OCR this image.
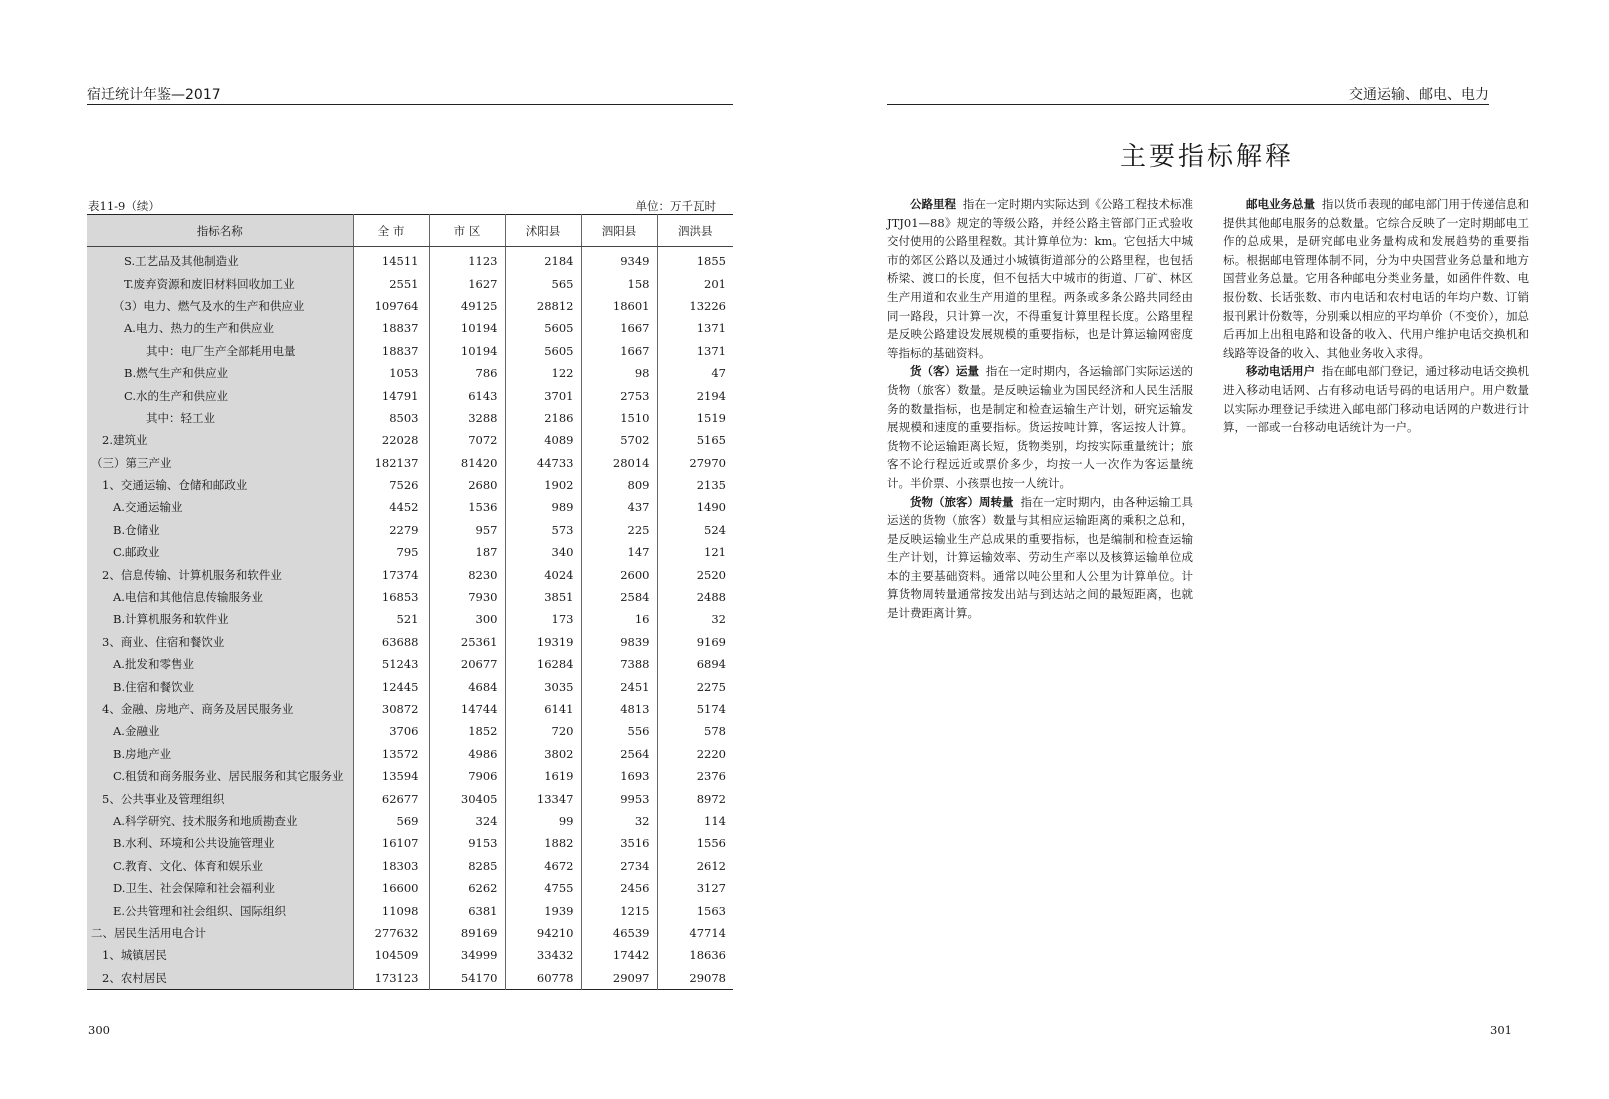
宿迁统计年鉴—2017
表11-9（续）	单位：万千瓦时
指标名称	全 市	市 区	沭阳县	泗阳县	泗洪县
S.工艺品及其他制造业	14511	1123	2184	9349	1855
T.废弃资源和废旧材料回收加工业	2551	1627	565	158	201
（3）电力、燃气及水的生产和供应业	109764	49125	28812	18601	13226
A.电力、热力的生产和供应业	18837	10194	5605	1667	1371
其中：电厂生产全部耗用电量	18837	10194	5605	1667	1371
B.燃气生产和供应业	1053	786	122	98	47
C.水的生产和供应业	14791	6143	3701	2753	2194
其中：轻工业	8503	3288	2186	1510	1519
2.建筑业	22028	7072	4089	5702	5165
（三）第三产业	182137	81420	44733	28014	27970
1、交通运输、仓储和邮政业	7526	2680	1902	809	2135
A.交通运输业	4452	1536	989	437	1490
B.仓储业	2279	957	573	225	524
C.邮政业	795	187	340	147	121
2、信息传输、计算机服务和软件业	17374	8230	4024	2600	2520
A.电信和其他信息传输服务业	16853	7930	3851	2584	2488
B.计算机服务和软件业	521	300	173	16	32
3、商业、住宿和餐饮业	63688	25361	19319	9839	9169
A.批发和零售业	51243	20677	16284	7388	6894
B.住宿和餐饮业	12445	4684	3035	2451	2275
4、金融、房地产、商务及居民服务业	30872	14744	6141	4813	5174
A.金融业	3706	1852	720	556	578
B.房地产业	13572	4986	3802	2564	2220
C.租赁和商务服务业、居民服务和其它服务业	13594	7906	1619	1693	2376
5、公共事业及管理组织	62677	30405	13347	9953	8972
A.科学研究、技术服务和地质勘查业	569	324	99	32	114
B.水利、环境和公共设施管理业	16107	9153	1882	3516	1556
C.教育、文化、体育和娱乐业	18303	8285	4672	2734	2612
D.卫生、社会保障和社会福利业	16600	6262	4755	2456	3127
E.公共管理和社会组织、国际组织	11098	6381	1939	1215	1563
二、居民生活用电合计	277632	89169	94210	46539	47714
1、城镇居民	104509	34999	33432	17442	18636
2、农村居民	173123	54170	60778	29097	29078
300
交通运输、邮电、电力
主要指标解释

公路里程 指在一定时期内实际达到《公路工程技术标准JTJ01—88》规定的等级公路，并经公路主管部门正式验收交付使用的公路里程数。其计算单位为：km。它包括大中城市的郊区公路以及通过小城镇街道部分的公路里程，也包括桥梁、渡口的长度，但不包括大中城市的街道、厂矿、林区生产用道和农业生产用道的里程。两条或多条公路共同经由同一路段，只计算一次，不得重复计算里程长度。公路里程是反映公路建设发展规模的重要指标，也是计算运输网密度等指标的基础资料。

货（客）运量 指在一定时期内，各运输部门实际运送的货物（旅客）数量。是反映运输业为国民经济和人民生活服务的数量指标，也是制定和检查运输生产计划，研究运输发展规模和速度的重要指标。货运按吨计算，客运按人计算。货物不论运输距离长短，货物类别，均按实际重量统计；旅客不论行程远近或票价多少，均按一人一次作为客运量统计。半价票、小孩票也按一人统计。

货物（旅客）周转量 指在一定时期内，由各种运输工具运送的货物（旅客）数量与其相应运输距离的乘积之总和，是反映运输业生产总成果的重要指标，也是编制和检查运输生产计划，计算运输效率、劳动生产率以及核算运输单位成本的主要基础资料。通常以吨公里和人公里为计算单位。计算货物周转量通常按发出站与到达站之间的最短距离，也就是计费距离计算。

邮电业务总量 指以货币表现的邮电部门用于传递信息和提供其他邮电服务的总数量。它综合反映了一定时期邮电工作的总成果，是研究邮电业务量构成和发展趋势的重要指标。根据邮电管理体制不同，分为中央国营业务总量和地方国营业务总量。它用各种邮电分类业务量，如函件件数、电报份数、长话张数、市内电话和农村电话的年均户数、订销报刊累计份数等，分别乘以相应的平均单价（不变价），加总后再加上出租电路和设备的收入、代用户维护电话交换机和线路等设备的收入、其他业务收入求得。

移动电话用户 指在邮电部门登记，通过移动电话交换机进入移动电话网、占有移动电话号码的电话用户。用户数量以实际办理登记手续进入邮电部门移动电话网的户数进行计算，一部或一台移动电话统计为一户。

301
